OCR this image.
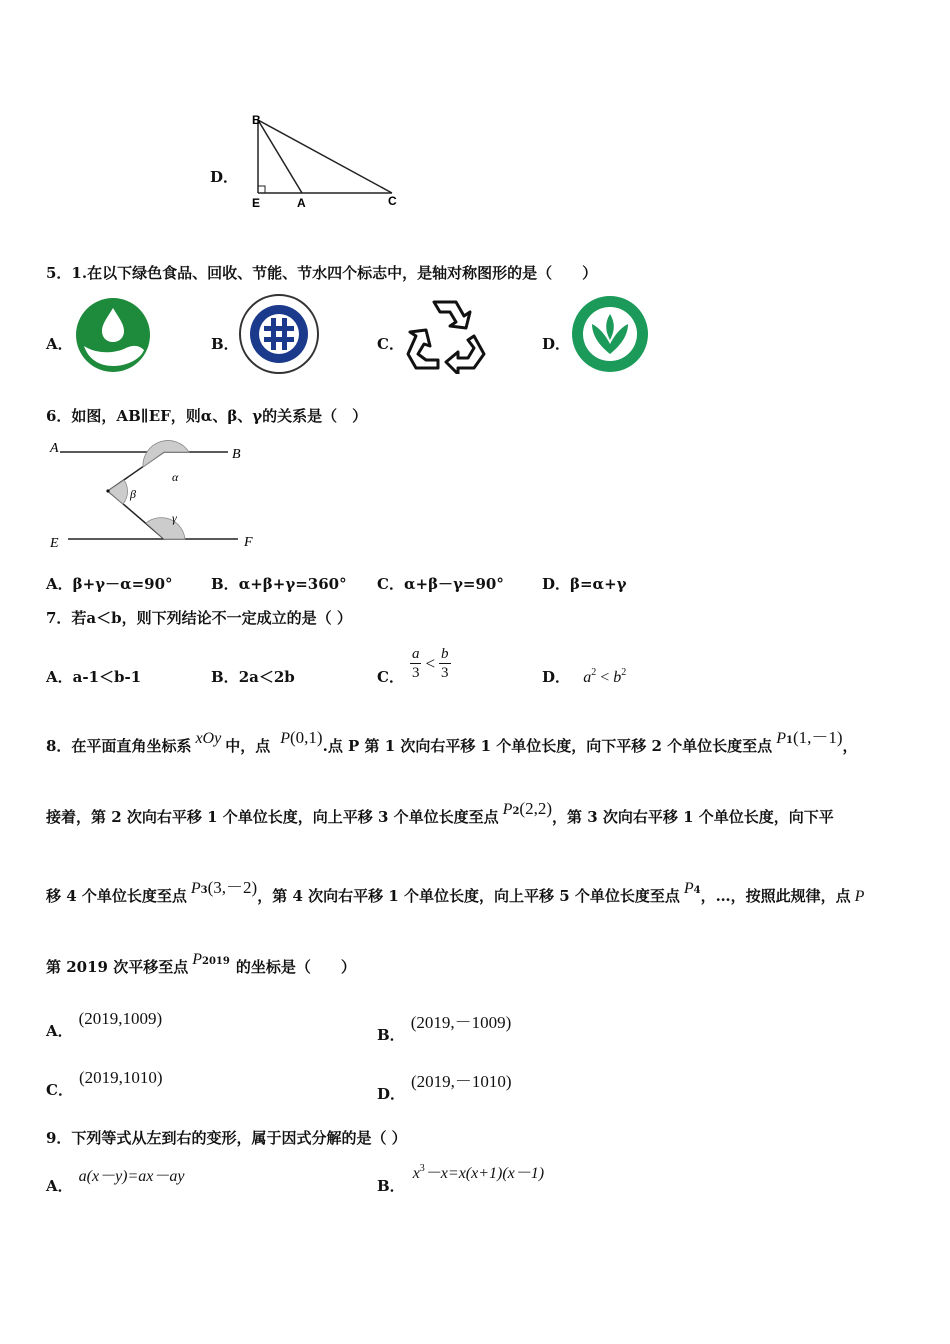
D．
B
E	A	C
5．1.在以下绿色食品、回收、节能、节水四个标志中，是轴对称图形的是（　　）
A．	B．	C．	D．
6．如图，AB∥EF，则α、β、γ的关系是（　）
A	B
E	F
α
β
γ
A．β+γ－α=90°	B．α+β+γ=360° C．α+β－γ=90°	D．β=α+γ
7．若a＜b，则下列结论不一定成立的是（ ）
A．a-1＜b-1	B．2a＜2b	C． $\frac{a}{3} < \frac{b}{3}$	D． $a^2 < b^2$
8．在平面直角坐标系 xOy 中，点 P(0,1).点 P 第 1 次向右平移 1 个单位长度，向下平移 2 个单位长度至点 $P^1(1,-1)$，
接着，第 2 次向右平移 1 个单位长度，向上平移 3 个单位长度至点 $P^2(2,2)$，第 3 次向右平移 1 个单位长度，向下平
移 4 个单位长度至点 $P^3(3,-2)$，第 4 次向右平移 1 个单位长度，向上平移 5 个单位长度至点 $P^4$，…，按照此规律，点 P
第 2019 次平移至点 $P^{2019}$ 的坐标是（　　）
A．(2019,1009)
B．(2019,－1009)
C．(2019,1010)
D．(2019,－1010)
9．下列等式从左到右的变形，属于因式分解的是（ ）
A．a(x－y)=ax－ay
B．$x^3-x=x(x+1)(x-1)$
